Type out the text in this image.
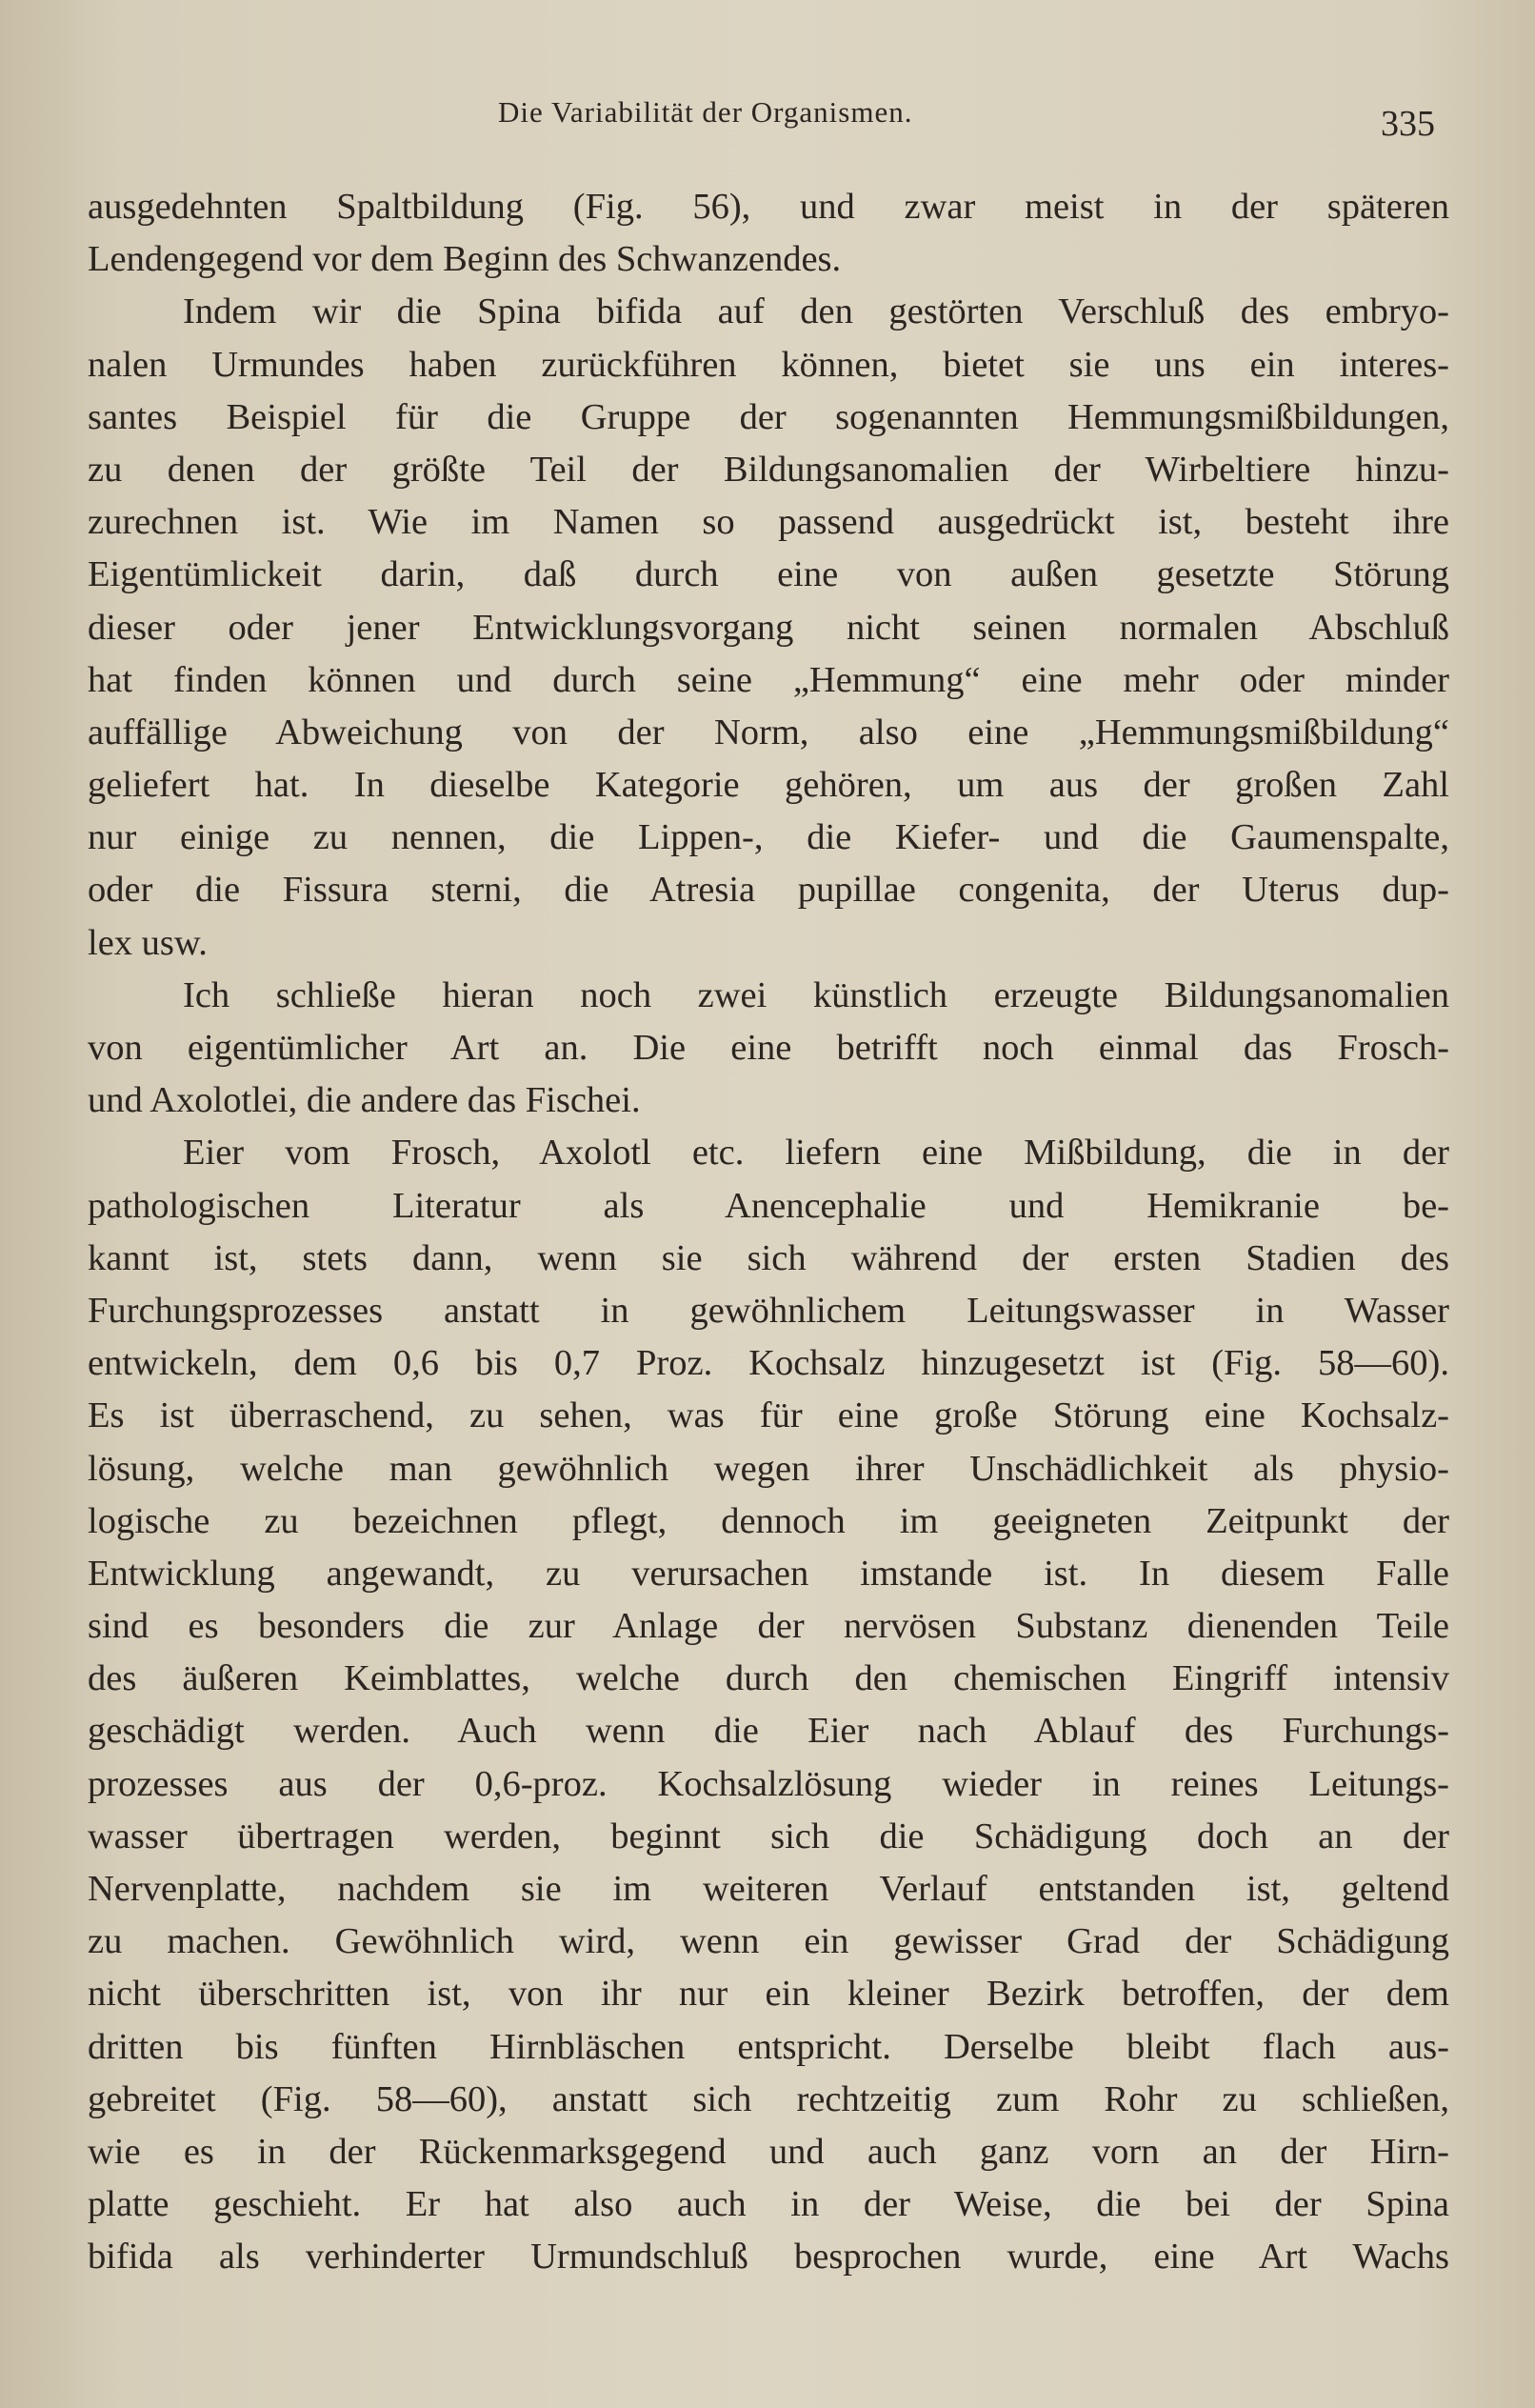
Die Variabilität der Organismen.	335
ausgedehnten Spaltbildung (Fig. 56), und zwar meist in der späteren
Lendengegend vor dem Beginn des Schwanzendes.
Indem wir die Spina bifida auf den gestörten Verschluß des embryo-
nalen Urmundes haben zurückführen können, bietet sie uns ein interes-
santes Beispiel für die Gruppe der sogenannten Hemmungsmißbildungen,
zu denen der größte Teil der Bildungsanomalien der Wirbeltiere hinzu-
zurechnen ist. Wie im Namen so passend ausgedrückt ist, besteht ihre
Eigentümlickeit darin, daß durch eine von außen gesetzte Störung
dieser oder jener Entwicklungsvorgang nicht seinen normalen Abschluß
hat finden können und durch seine „Hemmung“ eine mehr oder minder
auffällige Abweichung von der Norm, also eine „Hemmungsmißbildung“
geliefert hat. In dieselbe Kategorie gehören, um aus der großen Zahl
nur einige zu nennen, die Lippen-, die Kiefer- und die Gaumenspalte,
oder die Fissura sterni, die Atresia pupillae congenita, der Uterus dup-
lex usw.
Ich schließe hieran noch zwei künstlich erzeugte Bildungsanomalien
von eigentümlicher Art an. Die eine betrifft noch einmal das Frosch-
und Axolotlei, die andere das Fischei.
Eier vom Frosch, Axolotl etc. liefern eine Mißbildung, die in der
pathologischen Literatur als Anencephalie und Hemikranie be-
kannt ist, stets dann, wenn sie sich während der ersten Stadien des
Furchungsprozesses anstatt in gewöhnlichem Leitungswasser in Wasser
entwickeln, dem 0,6 bis 0,7 Proz. Kochsalz hinzugesetzt ist (Fig. 58—60).
Es ist überraschend, zu sehen, was für eine große Störung eine Kochsalz-
lösung, welche man gewöhnlich wegen ihrer Unschädlichkeit als physio-
logische zu bezeichnen pflegt, dennoch im geeigneten Zeitpunkt der
Entwicklung angewandt, zu verursachen imstande ist. In diesem Falle
sind es besonders die zur Anlage der nervösen Substanz dienenden Teile
des äußeren Keimblattes, welche durch den chemischen Eingriff intensiv
geschädigt werden. Auch wenn die Eier nach Ablauf des Furchungs-
prozesses aus der 0,6-proz. Kochsalzlösung wieder in reines Leitungs-
wasser übertragen werden, beginnt sich die Schädigung doch an der
Nervenplatte, nachdem sie im weiteren Verlauf entstanden ist, geltend
zu machen. Gewöhnlich wird, wenn ein gewisser Grad der Schädigung
nicht überschritten ist, von ihr nur ein kleiner Bezirk betroffen, der dem
dritten bis fünften Hirnbläschen entspricht. Derselbe bleibt flach aus-
gebreitet (Fig. 58—60), anstatt sich rechtzeitig zum Rohr zu schließen,
wie es in der Rückenmarksgegend und auch ganz vorn an der Hirn-
platte geschieht. Er hat also auch in der Weise, die bei der Spina
bifida als verhinderter Urmundschluß besprochen wurde, eine Art Wachs
